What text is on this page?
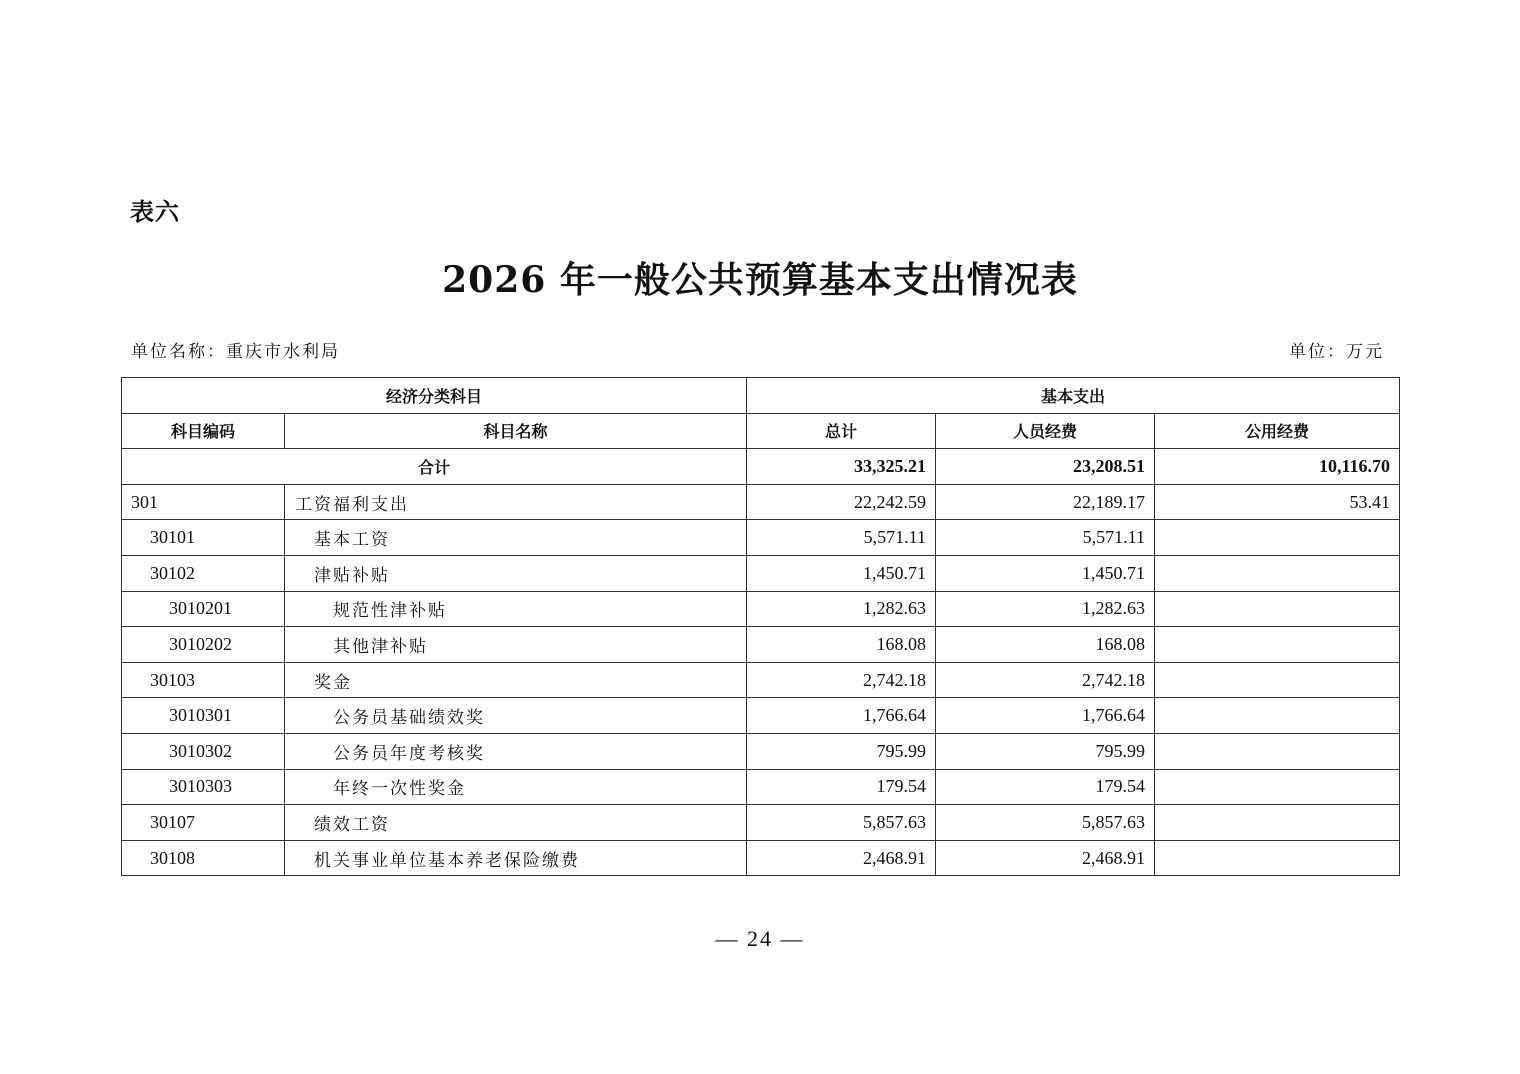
表六
2026 年一般公共预算基本支出情况表
单位名称：重庆市水利局	单位：万元
经济分类科目		基本支出		
科目编码	科目名称	总计	人员经费	公用经费
合计		33,325.21	23,208.51	10,116.70
301	工资福利支出	22,242.59	22,189.17	53.41
30101	基本工资	5,571.11	5,571.11	
30102	津贴补贴	1,450.71	1,450.71	
3010201	规范性津补贴	1,282.63	1,282.63	
3010202	其他津补贴	168.08	168.08	
30103	奖金	2,742.18	2,742.18	
3010301	公务员基础绩效奖	1,766.64	1,766.64	
3010302	公务员年度考核奖	795.99	795.99	
3010303	年终一次性奖金	179.54	179.54	
30107	绩效工资	5,857.63	5,857.63	
30108	机关事业单位基本养老保险缴费	2,468.91	2,468.91	
— 24 —
